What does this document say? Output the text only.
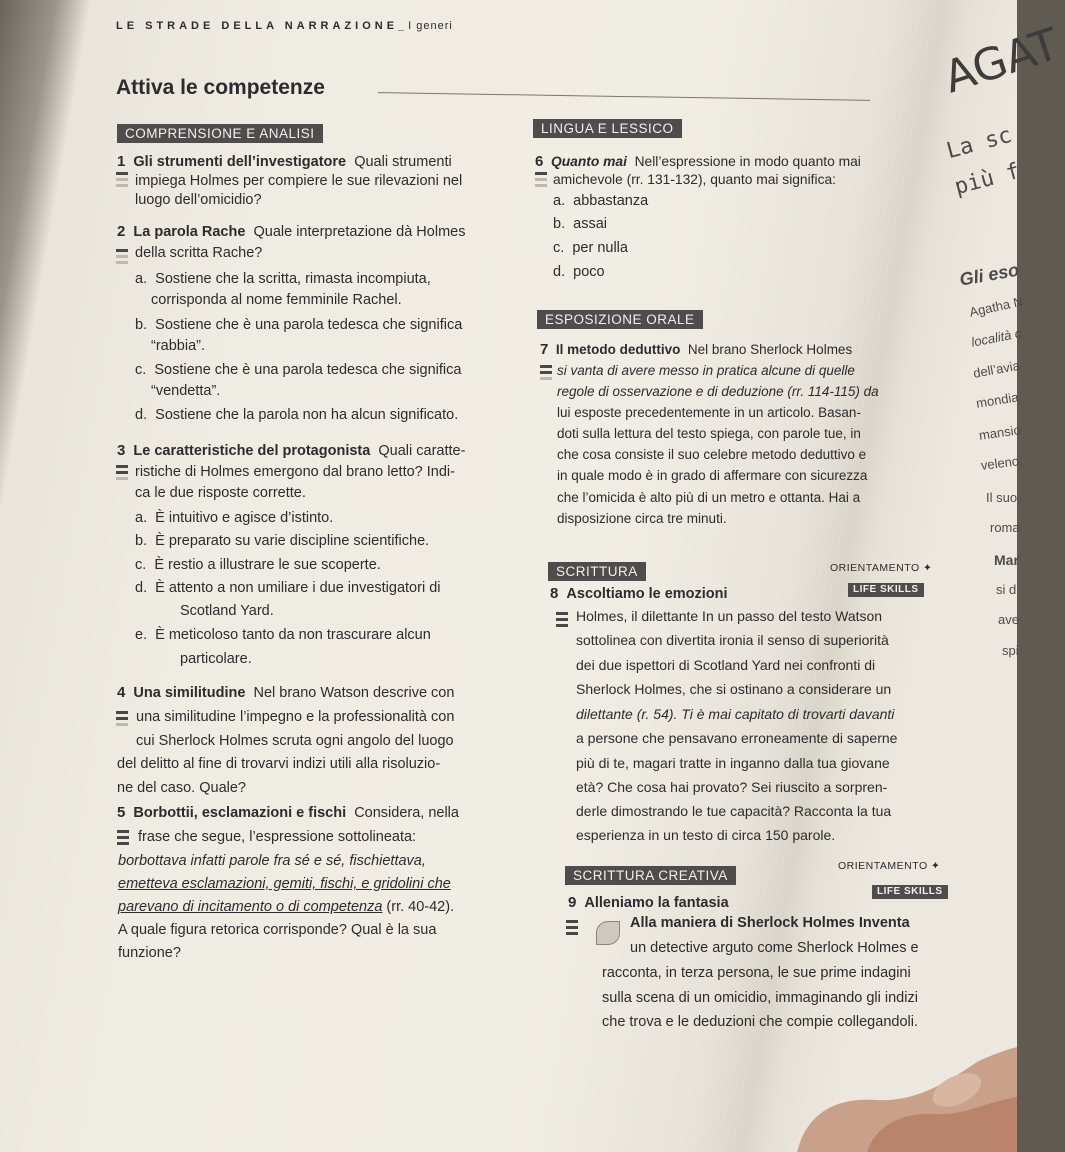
LE STRADE DELLA NARRAZIONE_I generi
Attiva le competenze
COMPRENSIONE E ANALISI	LINGUA E LESSICO
ESPOSIZIONE ORALE
SCRITTURA
SCRITTURA CREATIVA
1 Gli strumenti dell’investigatore Quali strumenti
impiega Holmes per compiere le sue rilevazioni nel
luogo dell’omicidio?
2 La parola Rache Quale interpretazione dà Holmes
della scritta Rache?
a. Sostiene che la scritta, rimasta incompiuta,
corrisponda al nome femminile Rachel.
b. Sostiene che è una parola tedesca che significa
“rabbia”.
c. Sostiene che è una parola tedesca che significa
“vendetta”.
d. Sostiene che la parola non ha alcun significato.
3 Le caratteristiche del protagonista Quali caratte-
ristiche di Holmes emergono dal brano letto? Indi-
ca le due risposte corrette.
a. È intuitivo e agisce d’istinto.
b. È preparato su varie discipline scientifiche.
c. È restio a illustrare le sue scoperte.
d. È attento a non umiliare i due investigatori di
Scotland Yard.
e. È meticoloso tanto da non trascurare alcun
particolare.
4 Una similitudine Nel brano Watson descrive con
una similitudine l’impegno e la professionalità con
cui Sherlock Holmes scruta ogni angolo del luogo
del delitto al fine di trovarvi indizi utili alla risoluzio-
ne del caso. Quale?
5 Borbottii, esclamazioni e fischi Considera, nella
frase che segue, l’espressione sottolineata:
borbottava infatti parole fra sé e sé, fischiettava,
emetteva esclamazioni, gemiti, fischi, e gridolini che
parevano di incitamento o di competenza (rr. 40-42).
A quale figura retorica corrisponde? Qual è la sua
funzione?
6 Quanto mai Nell’espressione in modo quanto mai
amichevole (rr. 131-132), quanto mai significa:
a. abbastanza
b. assai
c. per nulla
d. poco
7 Il metodo deduttivo Nel brano Sherlock Holmes
si vanta di avere messo in pratica alcune di quelle
regole di osservazione e di deduzione (rr. 114-115) da
lui esposte precedentemente in un articolo. Basan-
doti sulla lettura del testo spiega, con parole tue, in
che cosa consiste il suo celebre metodo deduttivo e
in quale modo è in grado di affermare con sicurezza
che l’omicida è alto più di un metro e ottanta. Hai a
disposizione circa tre minuti.
ORIENTAMENTO ✦
LIFE SKILLS
8 Ascoltiamo le emozioni
Holmes, il dilettante In un passo del testo Watson
sottolinea con divertita ironia il senso di superiorità
dei due ispettori di Scotland Yard nei confronti di
Sherlock Holmes, che si ostinano a considerare un
dilettante (r. 54). Ti è mai capitato di trovarti davanti
a persone che pensavano erroneamente di saperne
più di te, magari tratte in inganno dalla tua giovane
età? Che cosa hai provato? Sei riuscito a sorpren-
derle dimostrando le tue capacità? Racconta la tua
esperienza in un testo di circa 150 parole.
ORIENTAMENTO ✦
LIFE SKILLS
9 Alleniamo la fantasia
Alla maniera di Sherlock Holmes Inventa
un detective arguto come Sherlock Holmes e
racconta, in terza persona, le sue prime indagini
sulla scena di un omicidio, immaginando gli indizi
che trova e le deduzioni che compie collegandoli.
AGAT
La sc
più f
Gli eso
Agatha N
località c
dell’avia
mondia
mansio
veleno
Il suo
roma
Mar
si d
ave
spi
